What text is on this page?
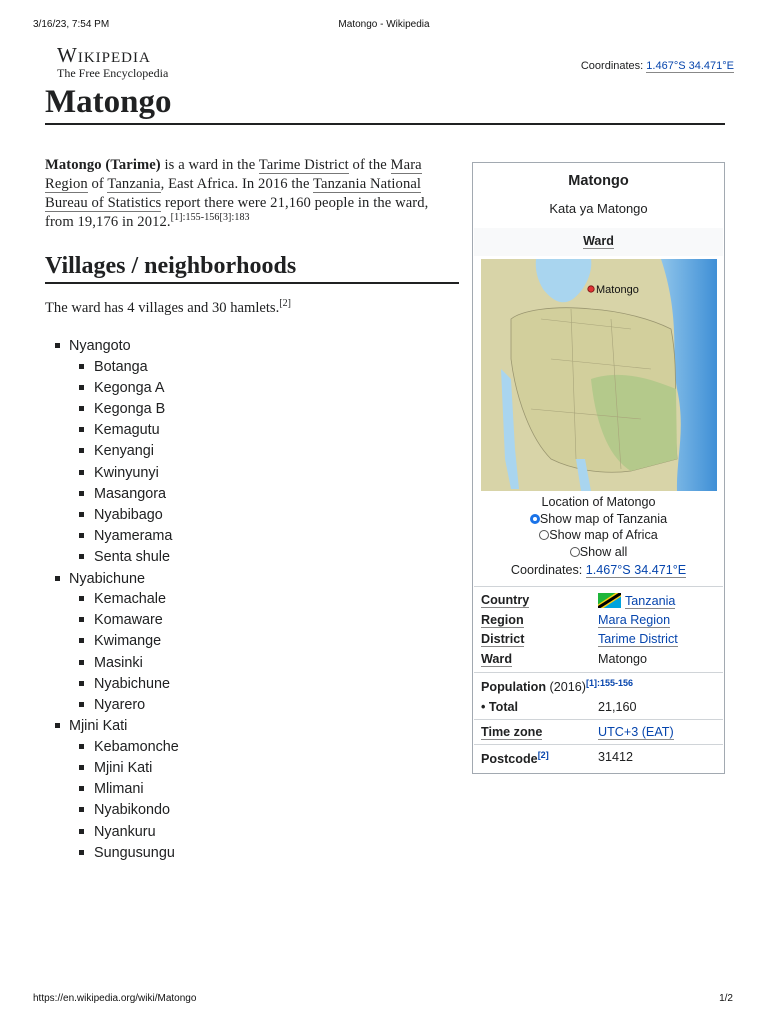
3/16/23, 7:54 PM	Matongo - Wikipedia
Wikipedia
The Free Encyclopedia	Coordinates: 1.467°S 34.471°E
Matongo
Matongo (Tarime) is a ward in the Tarime District of the Mara Region of Tanzania, East Africa. In 2016 the Tanzania National Bureau of Statistics report there were 21,160 people in the ward, from 19,176 in 2012.$^{[1]:155-156[3]:183}$
Villages / neighborhoods
The ward has 4 villages and 30 hamlets.[2]
Nyangoto
Botanga
Kegonga A
Kegonga B
Kemagutu
Kenyangi
Kwinyunyi
Masangora
Nyabibago
Nyamerama
Senta shule
Nyabichune
Kemachale
Komaware
Kwimange
Masinki
Nyabichune
Nyarero
Mjini Kati
Kebamonche
Mjini Kati
Mlimani
Nyabikondo
Nyankuru
Sungusungu
Matongo
Kata ya Matongo
Ward
Matongo
Location of Matongo
Show map of Tanzania
Show map of Africa
Show all
Coordinates: 1.467°S 34.471°E
Country	Tanzania
Region	Mara Region
District	Tarime District
Ward	Matongo
Population $(2016)^{[1]:155-156}$
• Total	21,160
Time zone	UTC+3 (EAT)
Postcode[2]	31412
https://en.wikipedia.org/wiki/Matongo	1/2
